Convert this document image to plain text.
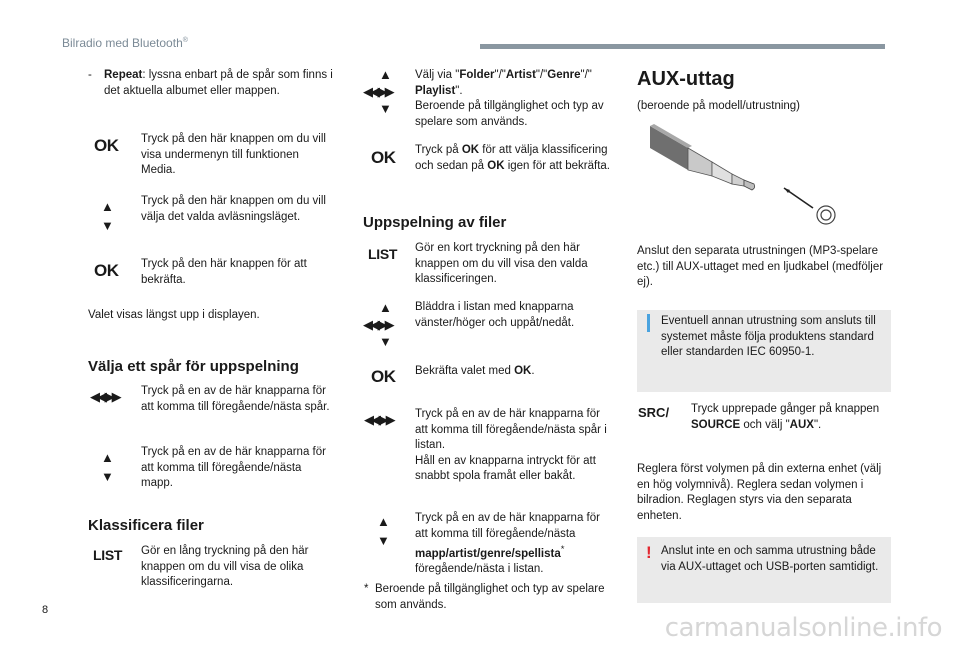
Bilradio med Bluetooth®
-	Repeat: lyssna enbart på de spår som finns i det aktuella albumet eller mappen.
OK Tryck på den här knappen om du vill visa undermenyn till funktionen Media.
▲
▼
Tryck på den här knappen om du vill välja det valda avläsningsläget.
OK Tryck på den här knappen för att bekräfta.
Valet visas längst upp i displayen.
Välja ett spår för uppspelning
◀◀ ▶▶ Tryck på en av de här knapparna för att komma till föregående/nästa spår.
▲
▼
Tryck på en av de här knapparna för att komma till föregående/nästa mapp.
Klassificera filer
LIST Gör en lång tryckning på den här knappen om du vill visa de olika klassificeringarna.
▲
◀◀ ▶▶
▼
Välj via "Folder"/"Artist"/"Genre"/"
Playlist".
Beroende på tillgänglighet och typ av spelare som används.
OK Tryck på OK för att välja klassificering och sedan på OK igen för att bekräfta.
Uppspelning av filer
LIST Gör en kort tryckning på den här knappen om du vill visa den valda klassificeringen.
▲
◀◀ ▶▶
▼
Bläddra i listan med knapparna vänster/höger och uppåt/nedåt.
OK Bekräfta valet med OK.
◀◀ ▶▶ Tryck på en av de här knapparna för att komma till föregående/nästa spår i listan.
Håll en av knapparna intryckt för att snabbt spola framåt eller bakåt.
▲
▼
Tryck på en av de här knapparna för att komma till föregående/nästa mapp/artist/genre/spellista* föregående/nästa i listan.
* Beroende på tillgänglighet och typ av spelare som används.
AUX-uttag
(beroende på modell/utrustning)
Anslut den separata utrustningen (MP3-spelare etc.) till AUX-uttaget med en ljudkabel (medföljer ej).
Eventuell annan utrustning som ansluts till systemet måste följa produktens standard eller standarden IEC 60950-1.
SRC/ Tryck upprepade gånger på knappen SOURCE och välj "AUX".
Reglera först volymen på din externa enhet (välj en hög volymnivå). Reglera sedan volymen i bilradion. Reglagen styrs via den separata enheten.
! Anslut inte en och samma utrustning både via AUX-uttaget och USB-porten samtidigt.
8
carmanualsonline.info
